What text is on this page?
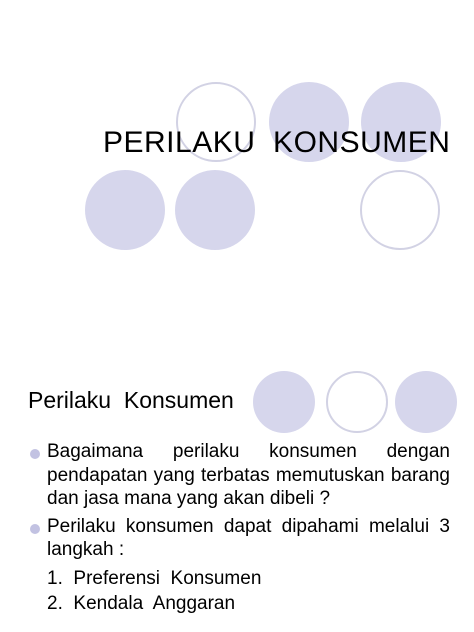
PERILAKU  KONSUMEN
Perilaku  Konsumen
Bagaimana perilaku konsumen dengan pendapatan yang terbatas memutuskan barang dan jasa mana yang akan dibeli ?
Perilaku konsumen dapat dipahami melalui 3 langkah :
1.  Preferensi  Konsumen
2.  Kendala  Anggaran
